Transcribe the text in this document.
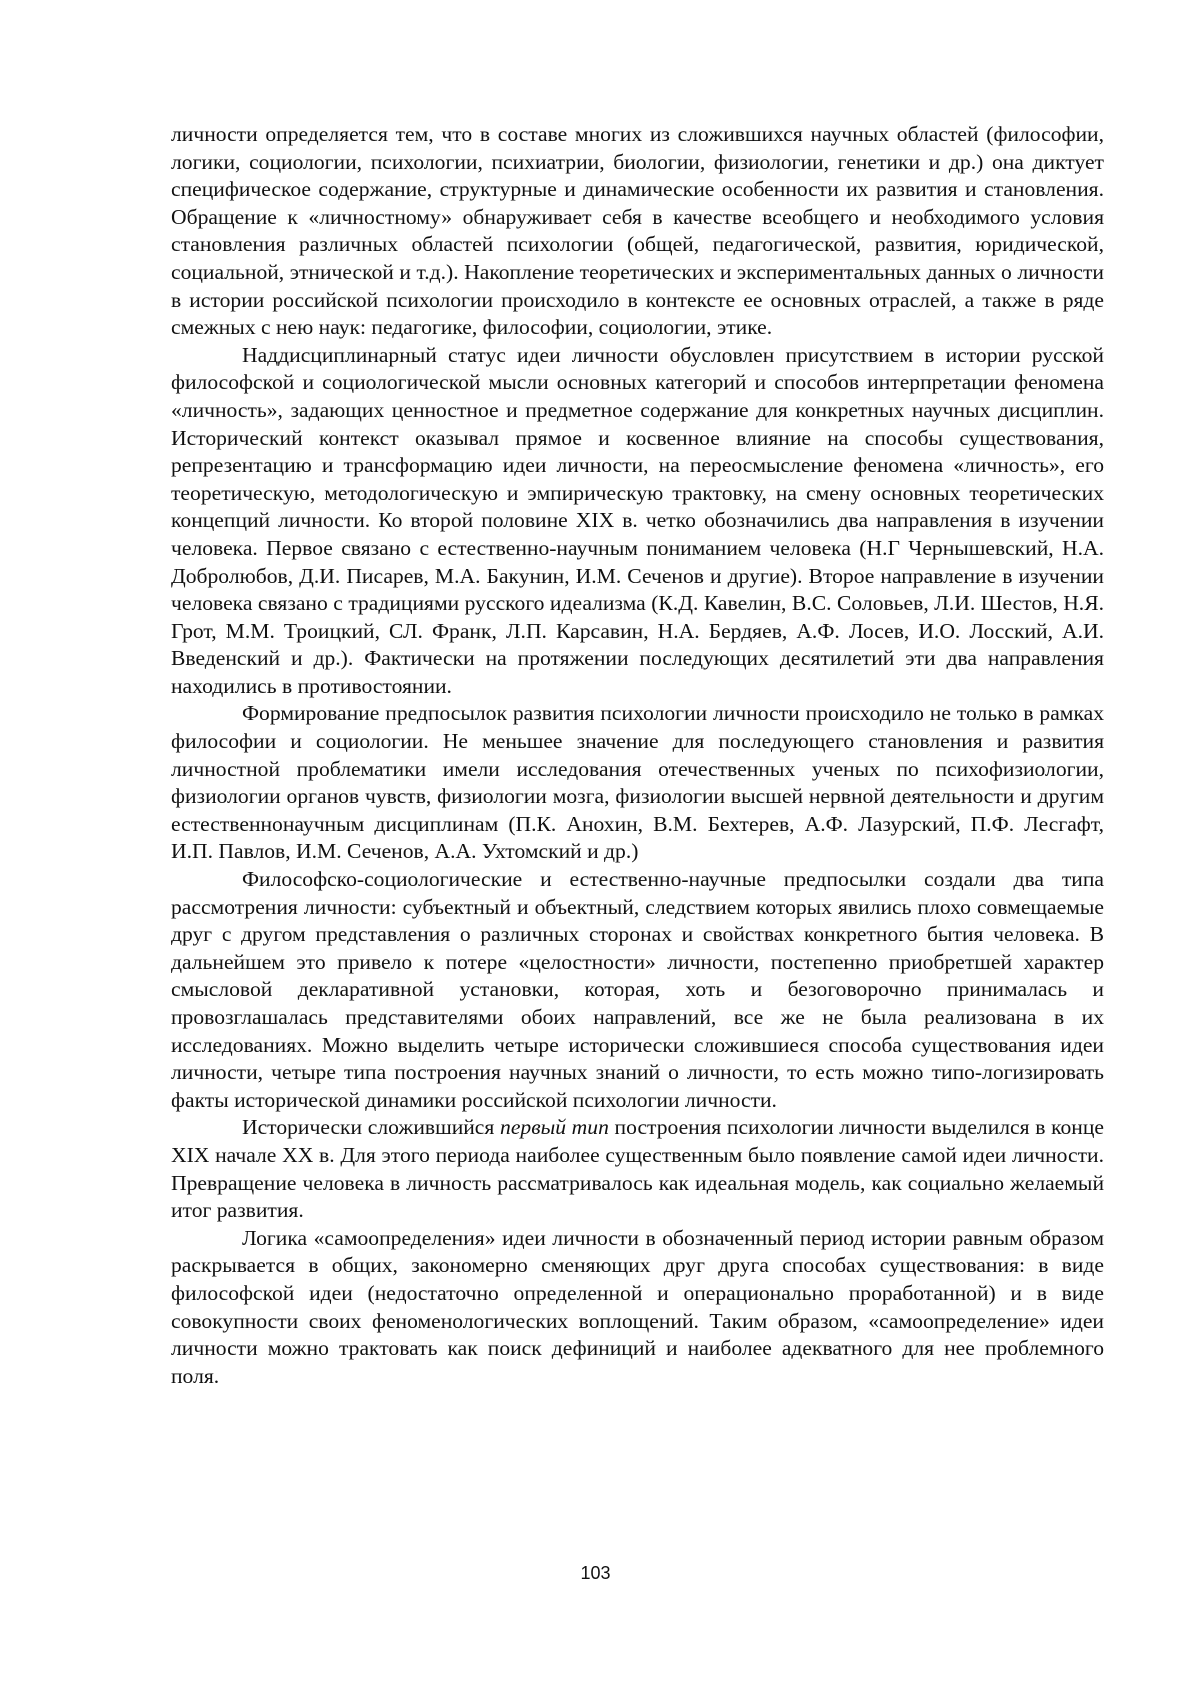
личности определяется тем, что в составе многих из сложившихся научных областей (философии, логики, социологии, психологии, психиатрии, биологии, физиологии, генетики и др.) она диктует специфическое содержание, структурные и динамические особенности их развития и становления. Обращение к «личностному» обнаруживает себя в качестве всеобщего и необходимого условия становления различных областей психологии (общей, педагогической, развития, юридической, социальной, этнической и т.д.). Накопление теоретических и экспериментальных данных о личности в истории российской психологии происходило в контексте ее основных отраслей, а также в ряде смежных с нею наук: педагогике, философии, социологии, этике.

Наддисциплинарный статус идеи личности обусловлен присутствием в истории русской философской и социологической мысли основных категорий и способов интерпретации феномена «личность», задающих ценностное и предметное содержание для конкретных научных дисциплин. Исторический контекст оказывал прямое и косвенное влияние на способы существования, репрезентацию и трансформацию идеи личности, на переосмысление феномена «личность», его теоретическую, методологическую и эмпирическую трактовку, на смену основных теоретических концепций личности. Ко второй половине XIX в. четко обозначились два направления в изучении человека. Первое связано с естественно-научным пониманием человека (Н.Г Чернышевский, Н.А. Добролюбов, Д.И. Писарев, М.А. Бакунин, И.М. Сеченов и другие). Второе направление в изучении человека связано с традициями русского идеализма (К.Д. Кавелин, В.С. Соловьев, Л.И. Шестов, Н.Я. Грот, М.М. Троицкий, СЛ. Франк, Л.П. Карсавин, Н.А. Бердяев, А.Ф. Лосев, И.О. Лосский, А.И. Введенский и др.). Фактически на протяжении последующих десятилетий эти два направления находились в противостоянии.

Формирование предпосылок развития психологии личности происходило не только в рамках философии и социологии. Не меньшее значение для последующего становления и развития личностной проблематики имели исследования отечественных ученых по психофизиологии, физиологии органов чувств, физиологии мозга, физиологии высшей нервной деятельности и другим естественнонаучным дисциплинам (П.К. Анохин, В.М. Бехтерев, А.Ф. Лазурский, П.Ф. Лесгафт, И.П. Павлов, И.М. Сеченов, А.А. Ухтомский и др.)

Философско-социологические и естественно-научные предпосылки создали два типа рассмотрения личности: субъектный и объектный, следствием которых явились плохо совмещаемые друг с другом представления о различных сторонах и свойствах конкретного бытия человека. В дальнейшем это привело к потере «целостности» личности, постепенно приобретшей характер смысловой декларативной установки, которая, хоть и безоговорочно принималась и провозглашалась представителями обоих направлений, все же не была реализована в их исследованиях. Можно выделить четыре исторически сложившиеся способа существования идеи личности, четыре типа построения научных знаний о личности, то есть можно типо-логизировать факты исторической динамики российской психологии личности.

Исторически сложившийся первый тип построения психологии личности выделился в конце XIX начале XX в. Для этого периода наиболее существенным было появление самой идеи личности. Превращение человека в личность рассматривалось как идеальная модель, как социально желаемый итог развития.

Логика «самоопределения» идеи личности в обозначенный период истории равным образом раскрывается в общих, закономерно сменяющих друг друга способах существования: в виде философской идеи (недостаточно определенной и операционально проработанной) и в виде совокупности своих феноменологических воплощений. Таким образом, «самоопределение» идеи личности можно трактовать как поиск дефиниций и наиболее адекватного для нее проблемного поля.

103
